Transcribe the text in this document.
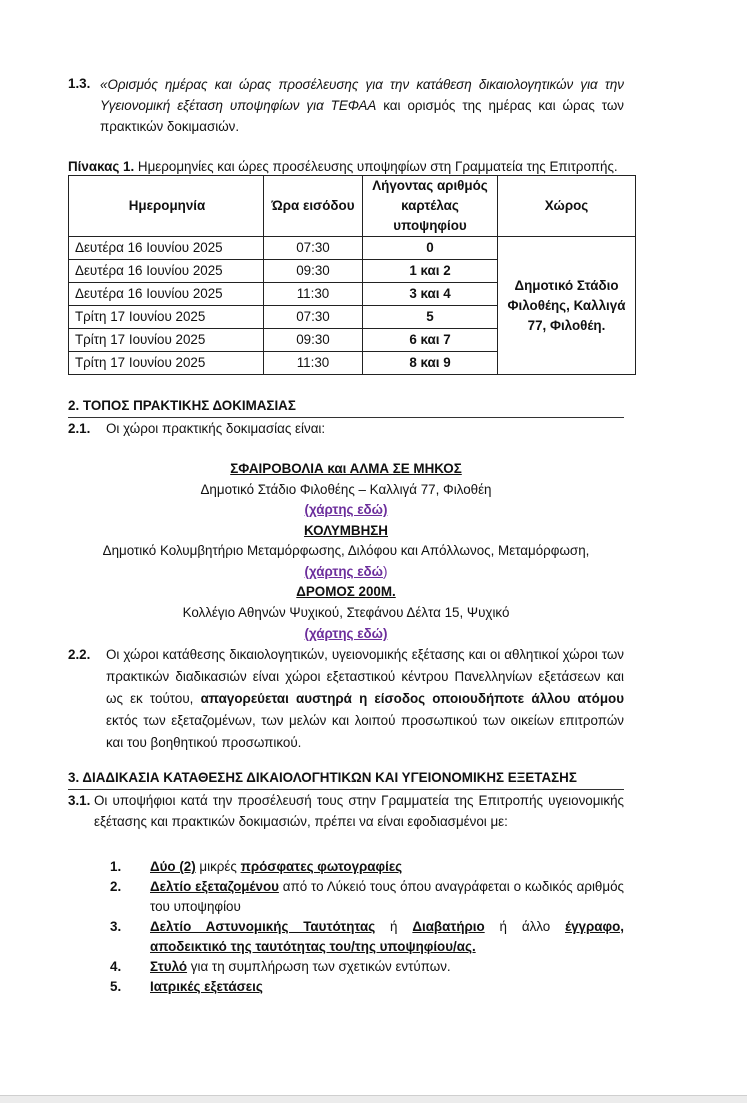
1.3. «Ορισμός ημέρας και ώρας προσέλευσης για την κατάθεση δικαιολογητικών για την Υγειονομική εξέταση υποψηφίων για ΤΕΦΑΑ και ορισμός της ημέρας και ώρας των πρακτικών δοκιμασιών.
Πίνακας 1. Ημερομηνίες και ώρες προσέλευσης υποψηφίων στη Γραμματεία της Επιτροπής.
Ημερομηνία	Ώρα εισόδου	Λήγοντας αριθμός καρτέλας υποψηφίου	Χώρος
Δευτέρα 16 Ιουνίου 2025	07:30	0	Δημοτικό Στάδιο Φιλοθέης, Καλλιγά 77, Φιλοθέη.
Δευτέρα 16 Ιουνίου 2025	09:30	1 και 2	
Δευτέρα 16 Ιουνίου 2025	11:30	3 και 4	
Τρίτη 17 Ιουνίου 2025	07:30	5	
Τρίτη 17 Ιουνίου 2025	09:30	6 και 7	
Τρίτη 17 Ιουνίου 2025	11:30	8 και 9	
2. ΤΟΠΟΣ ΠΡΑΚΤΙΚΗΣ ΔΟΚΙΜΑΣΙΑΣ
2.1.	Οι χώροι πρακτικής δοκιμασίας είναι:
ΣΦΑΙΡΟΒΟΛΙΑ και ΑΛΜΑ ΣΕ ΜΗΚΟΣ
Δημοτικό Στάδιο Φιλοθέης – Καλλιγά 77, Φιλοθέη
(χάρτης εδώ)
ΚΟΛΥΜΒΗΣΗ
Δημοτικό Κολυμβητήριο Μεταμόρφωσης, Διλόφου και Απόλλωνος, Μεταμόρφωση,
(χάρτης εδώ)
ΔΡΟΜΟΣ 200Μ.
Κολλέγιο Αθηνών Ψυχικού, Στεφάνου Δέλτα 15, Ψυχικό
(χάρτης εδώ)
2.2.	Οι χώροι κατάθεσης δικαιολογητικών, υγειονομικής εξέτασης και οι αθλητικοί χώροι των πρακτικών διαδικασιών είναι χώροι εξεταστικού κέντρου Πανελληνίων εξετάσεων και ως εκ τούτου, απαγορεύεται αυστηρά η είσοδος οποιουδήποτε άλλου ατόμου εκτός των εξεταζομένων, των μελών και λοιπού προσωπικού των οικείων επιτροπών και του βοηθητικού προσωπικού.
3. ΔΙΑΔΙΚΑΣΙΑ ΚΑΤΑΘΕΣΗΣ ΔΙΚΑΙΟΛΟΓΗΤΙΚΩΝ ΚΑΙ ΥΓΕΙΟΝΟΜΙΚΗΣ ΕΞΕΤΑΣΗΣ
3.1. Οι υποψήφιοι κατά την προσέλευσή τους στην Γραμματεία της Επιτροπής υγειονομικής εξέτασης και πρακτικών δοκιμασιών, πρέπει να είναι εφοδιασμένοι με:
1.	Δύο (2) μικρές πρόσφατες φωτογραφίες
2.	Δελτίο εξεταζομένου από το Λύκειό τους όπου αναγράφεται ο κωδικός αριθμός του υποψηφίου
3.	Δελτίο Αστυνομικής Ταυτότητας ή Διαβατήριο ή άλλο έγγραφο, αποδεικτικό της ταυτότητας του/της υποψηφίου/ας.
4.	Στυλό για τη συμπλήρωση των σχετικών εντύπων.
5.	Ιατρικές εξετάσεις
